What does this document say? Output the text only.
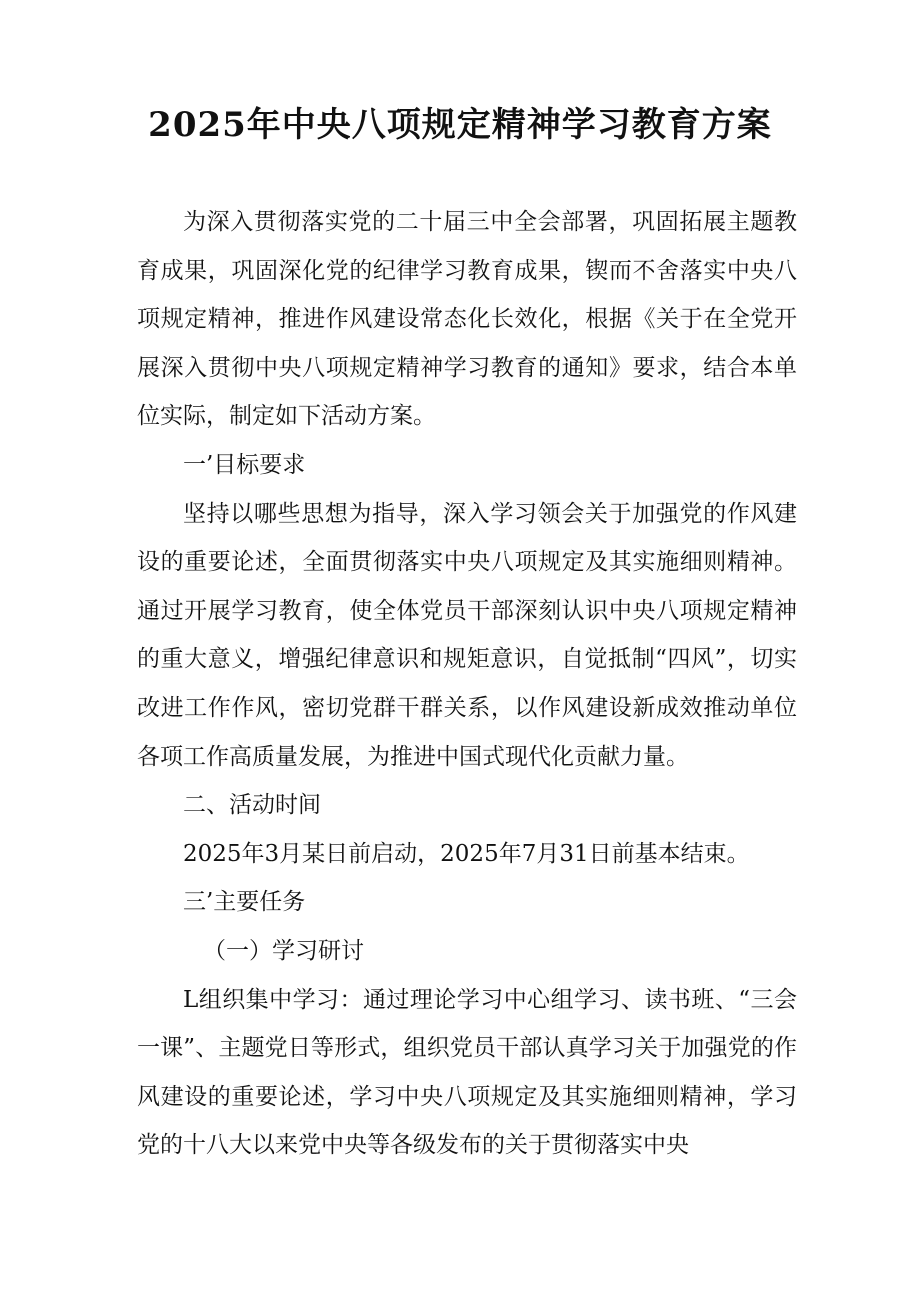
2025年中央八项规定精神学习教育方案

为深入贯彻落实党的二十届三中全会部署，巩固拓展主题教育成果，巩固深化党的纪律学习教育成果，锲而不舍落实中央八项规定精神，推进作风建设常态化长效化，根据《关于在全党开展深入贯彻中央八项规定精神学习教育的通知》要求，结合本单位实际，制定如下活动方案。

一’目标要求

坚持以哪些思想为指导，深入学习领会关于加强党的作风建设的重要论述，全面贯彻落实中央八项规定及其实施细则精神。通过开展学习教育，使全体党员干部深刻认识中央八项规定精神的重大意义，增强纪律意识和规矩意识，自觉抵制“四风”，切实改进工作作风，密切党群干群关系，以作风建设新成效推动单位各项工作高质量发展，为推进中国式现代化贡献力量。

二、活动时间

2025年3月某日前启动，2025年7月31日前基本结束。

三’主要任务

（一）学习研讨

L组织集中学习：通过理论学习中心组学习、读书班、“三会一课”、主题党日等形式，组织党员干部认真学习关于加强党的作风建设的重要论述，学习中央八项规定及其实施细则精神，学习党的十八大以来党中央等各级发布的关于贯彻落实中央
